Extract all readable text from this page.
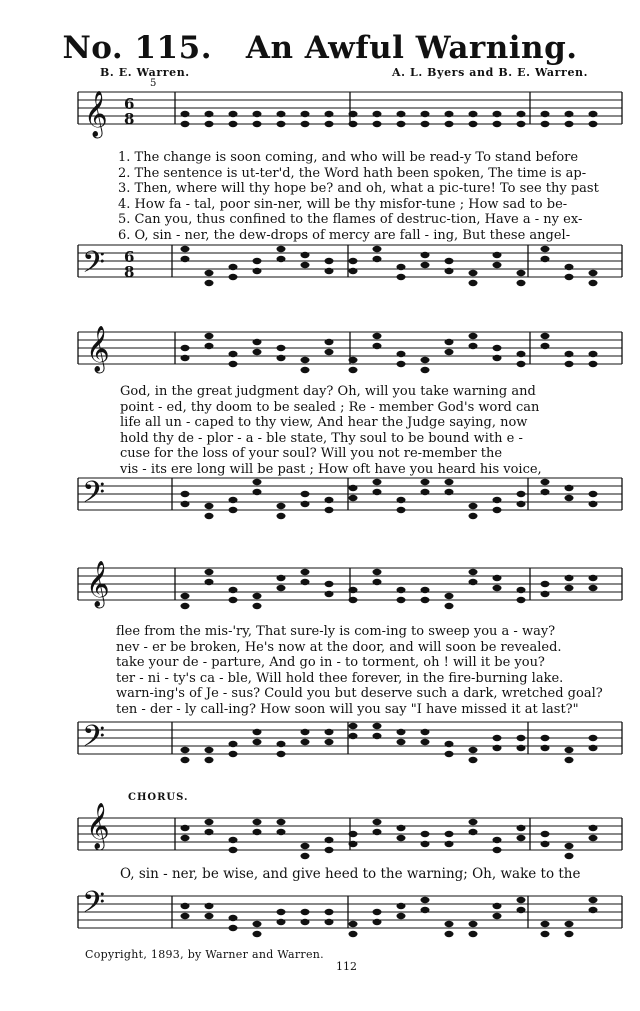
No. 115. An Awful Warning.
B. E. Warren.	A. L. Byers and B. E. Warren.
𝄞
𝄢
𝄞
𝄢
𝄞
𝄢
𝄞
𝄢
6
8
6
8
5
1. The change is soon coming, and who will be read-y To stand before
2. The sentence is ut-ter'd, the Word hath been spoken, The time is ap-
3. Then, where will thy hope be? and oh, what a pic-ture! To see thy past
4. How fa - tal, poor sin-ner, will be thy misfor-tune ; How sad to be-
5. Can you, thus confined to the flames of destruc-tion, Have a - ny ex-
6. O, sin - ner, the dew-drops of mercy are fall - ing, But these angel-
God, in the great judgment day? Oh, will you take warning and
point - ed, thy doom to be sealed ; Re - member God's word can
life all un - caped to thy view, And hear the Judge saying, now
hold thy de - plor - a - ble state, Thy soul to be bound with e -
cuse for the loss of your soul? Will you not re-member the
vis - its ere long will be past ; How oft have you heard his voice,
flee from the mis-'ry, That sure-ly is com-ing to sweep you a - way?
nev - er be broken, He's now at the door, and will soon be revealed.
take your de - parture, And go in - to torment, oh ! will it be you?
ter - ni - ty's ca - ble, Will hold thee forever, in the fire-burning lake.
warn-ing's of Je - sus? Could you but deserve such a dark, wretched goal?
ten - der - ly call-ing? How soon will you say "I have missed it at last?"
CHORUS.
O, sin - ner, be wise, and give heed to the warning; Oh, wake to the
Copyright, 1893, by Warner and Warren.
112
